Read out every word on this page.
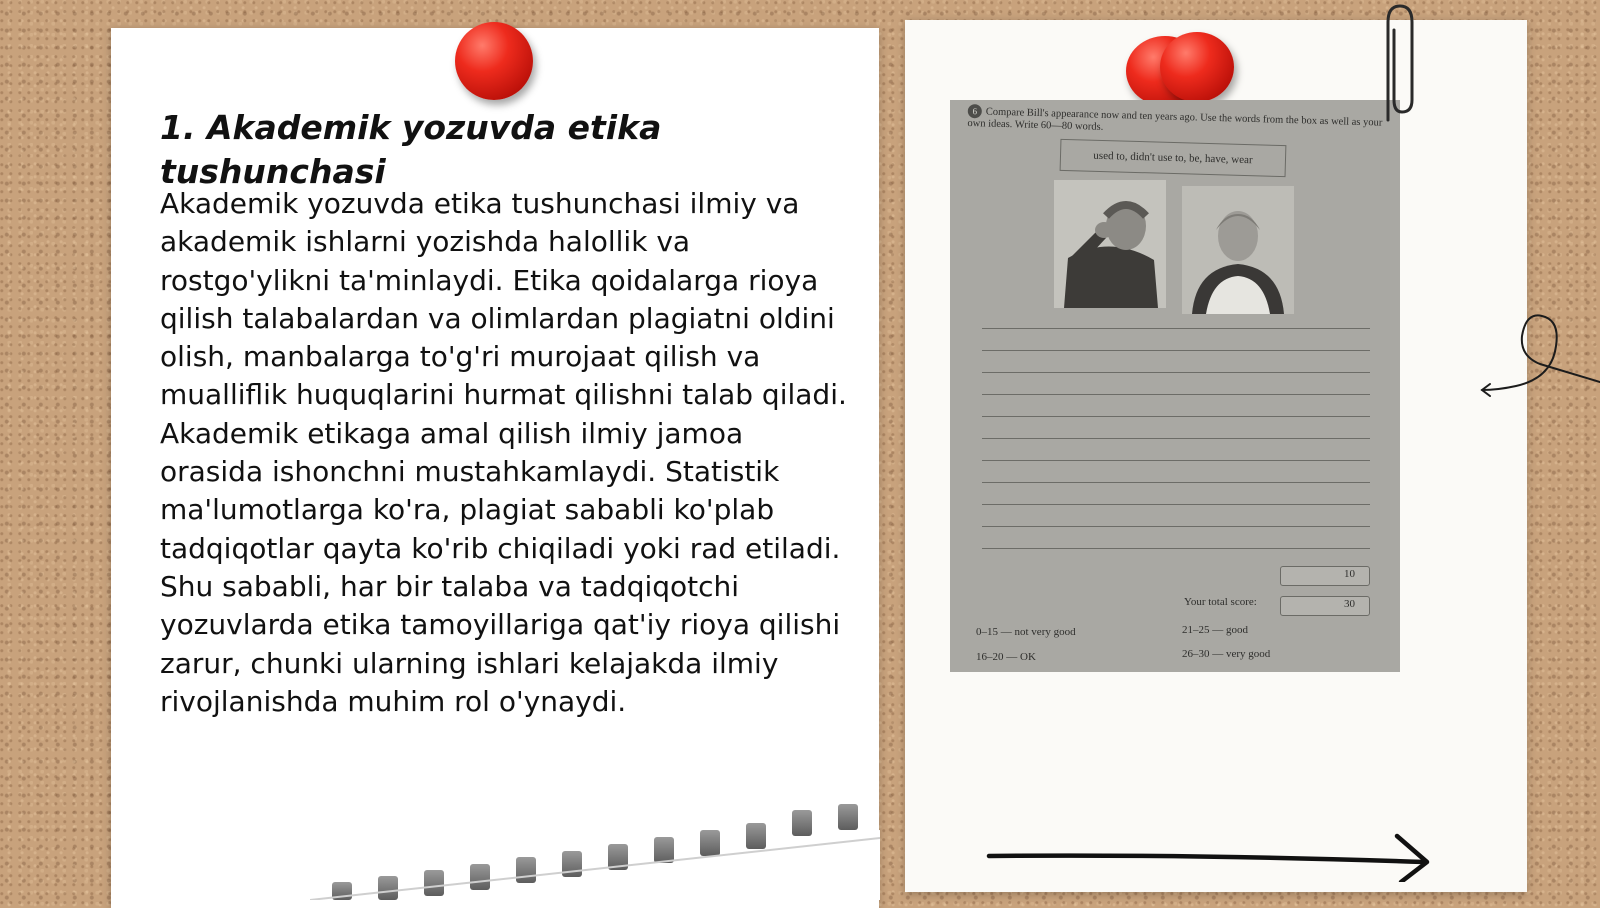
1. Akademik yozuvda etika tushunchasi

Akademik yozuvda etika tushunchasi ilmiy va akademik ishlarni yozishda halollik va rostgo'ylikni ta'minlaydi. Etika qoidalarga rioya qilish talabalardan va olimlardan plagiatni oldini olish, manbalarga to'g'ri murojaat qilish va mualliflik huquqlarini hurmat qilishni talab qiladi. Akademik etikaga amal qilish ilmiy jamoa orasida ishonchni mustahkamlaydi. Statistik ma'lumotlarga ko'ra, plagiat sababli ko'plab tadqiqotlar qayta ko'rib chiqiladi yoki rad etiladi. Shu sababli, har bir talaba va tadqiqotchi yozuvlarda etika tamoyillariga qat'iy rioya qilishi zarur, chunki ularning ishlari kelajakda ilmiy rivojlanishda muhim rol o'ynaydi.

6 Compare Bill's appearance now and ten years ago. Use the words from the box as well as your own ideas. Write 60—80 words.
used to, didn't use to, be, have, wear
10
Your total score:	30
0–15 — not very good
16–20 — OK
21–25 — good
26–30 — very good
